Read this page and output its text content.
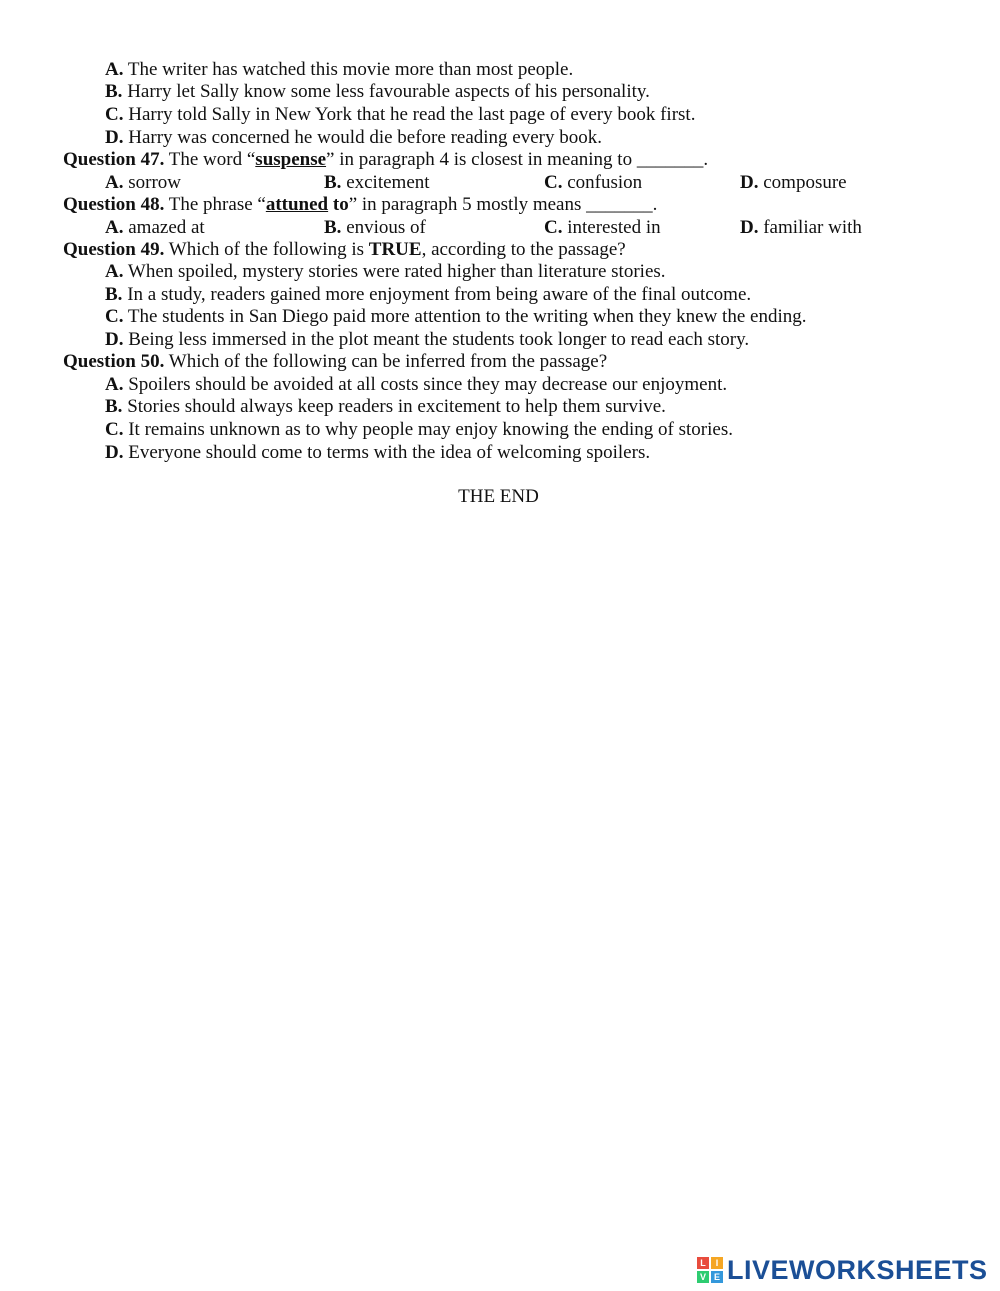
A. The writer has watched this movie more than most people.
B. Harry let Sally know some less favourable aspects of his personality.
C. Harry told Sally in New York that he read the last page of every book first.
D. Harry was concerned he would die before reading every book.
Question 47. The word “suspense” in paragraph 4 is closest in meaning to _______.
A. sorrow	B. excitement	C. confusion	D. composure
Question 48. The phrase “attuned to” in paragraph 5 mostly means _______.
A. amazed at	B. envious of	C. interested in	D. familiar with
Question 49. Which of the following is TRUE, according to the passage?
A. When spoiled, mystery stories were rated higher than literature stories.
B. In a study, readers gained more enjoyment from being aware of the final outcome.
C. The students in San Diego paid more attention to the writing when they knew the ending.
D. Being less immersed in the plot meant the students took longer to read each story.
Question 50. Which of the following can be inferred from the passage?
A. Spoilers should be avoided at all costs since they may decrease our enjoyment.
B. Stories should always keep readers in excitement to help them survive.
C. It remains unknown as to why people may enjoy knowing the ending of stories.
D. Everyone should come to terms with the idea of welcoming spoilers.
THE END
L	I
V E LIVEWORKSHEETS
